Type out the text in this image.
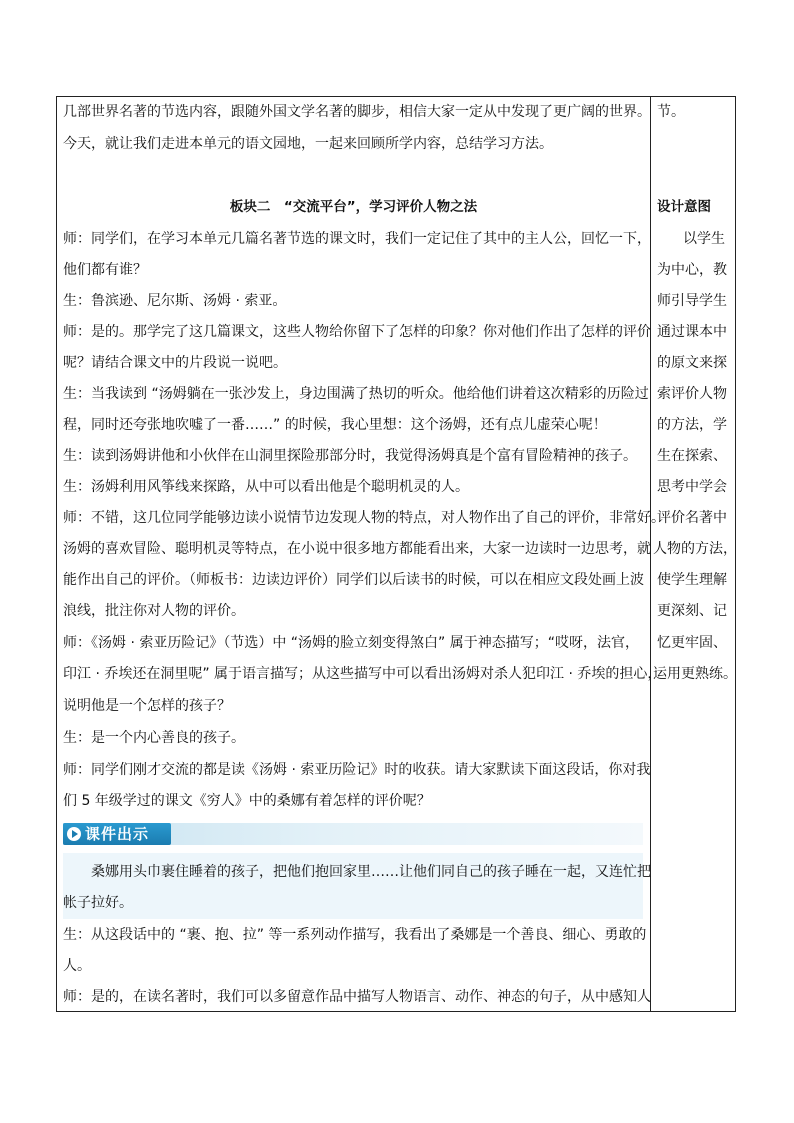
几部世界名著的节选内容，跟随外国文学名著的脚步，相信大家一定从中发现了更广阔的世界。
今天，就让我们走进本单元的语文园地，一起来回顾所学内容，总结学习方法。
板块二　“交流平台”，学习评价人物之法
师：同学们，在学习本单元几篇名著节选的课文时，我们一定记住了其中的主人公，回忆一下，
他们都有谁？
生：鲁滨逊、尼尔斯、汤姆 · 索亚。
师：是的。那学完了这几篇课文，这些人物给你留下了怎样的印象？你对他们作出了怎样的评价
呢？请结合课文中的片段说一说吧。
生：当我读到 “汤姆躺在一张沙发上，身边围满了热切的听众。他给他们讲着这次精彩的历险过
程，同时还夸张地吹嘘了一番……” 的时候，我心里想：这个汤姆，还有点儿虚荣心呢！
生：读到汤姆讲他和小伙伴在山洞里探险那部分时，我觉得汤姆真是个富有冒险精神的孩子。
生：汤姆利用风筝线来探路，从中可以看出他是个聪明机灵的人。
师：不错，这几位同学能够边读小说情节边发现人物的特点，对人物作出了自己的评价，非常好。
汤姆的喜欢冒险、聪明机灵等特点，在小说中很多地方都能看出来，大家一边读时一边思考，就
能作出自己的评价。（师板书：边读边评价）同学们以后读书的时候，可以在相应文段处画上波
浪线，批注你对人物的评价。
师：《汤姆 · 索亚历险记》（节选）中 “汤姆的脸立刻变得煞白” 属于神态描写；“哎呀，法官，
印江 · 乔埃还在洞里呢” 属于语言描写；从这些描写中可以看出汤姆对杀人犯印江 · 乔埃的担心，
说明他是一个怎样的孩子？
生：是一个内心善良的孩子。
师：同学们刚才交流的都是读《汤姆 · 索亚历险记》时的收获。请大家默读下面这段话，你对我
们 5 年级学过的课文《穷人》中的桑娜有着怎样的评价呢？
课件出示
桑娜用头巾裹住睡着的孩子，把他们抱回家里……让他们同自己的孩子睡在一起，又连忙把
帐子拉好。
生：从这段话中的 “裹、抱、拉” 等一系列动作描写，我看出了桑娜是一个善良、细心、勇敢的
人。
师：是的，在读名著时，我们可以多留意作品中描写人物语言、动作、神态的句子，从中感知人
节。
设计意图
以学生
为中心，教
师引导学生
通过课本中
的原文来探
索评价人物
的方法，学
生在探索、
思考中学会
评价名著中
人物的方法，
使学生理解
更深刻、记
忆更牢固、
运用更熟练。
